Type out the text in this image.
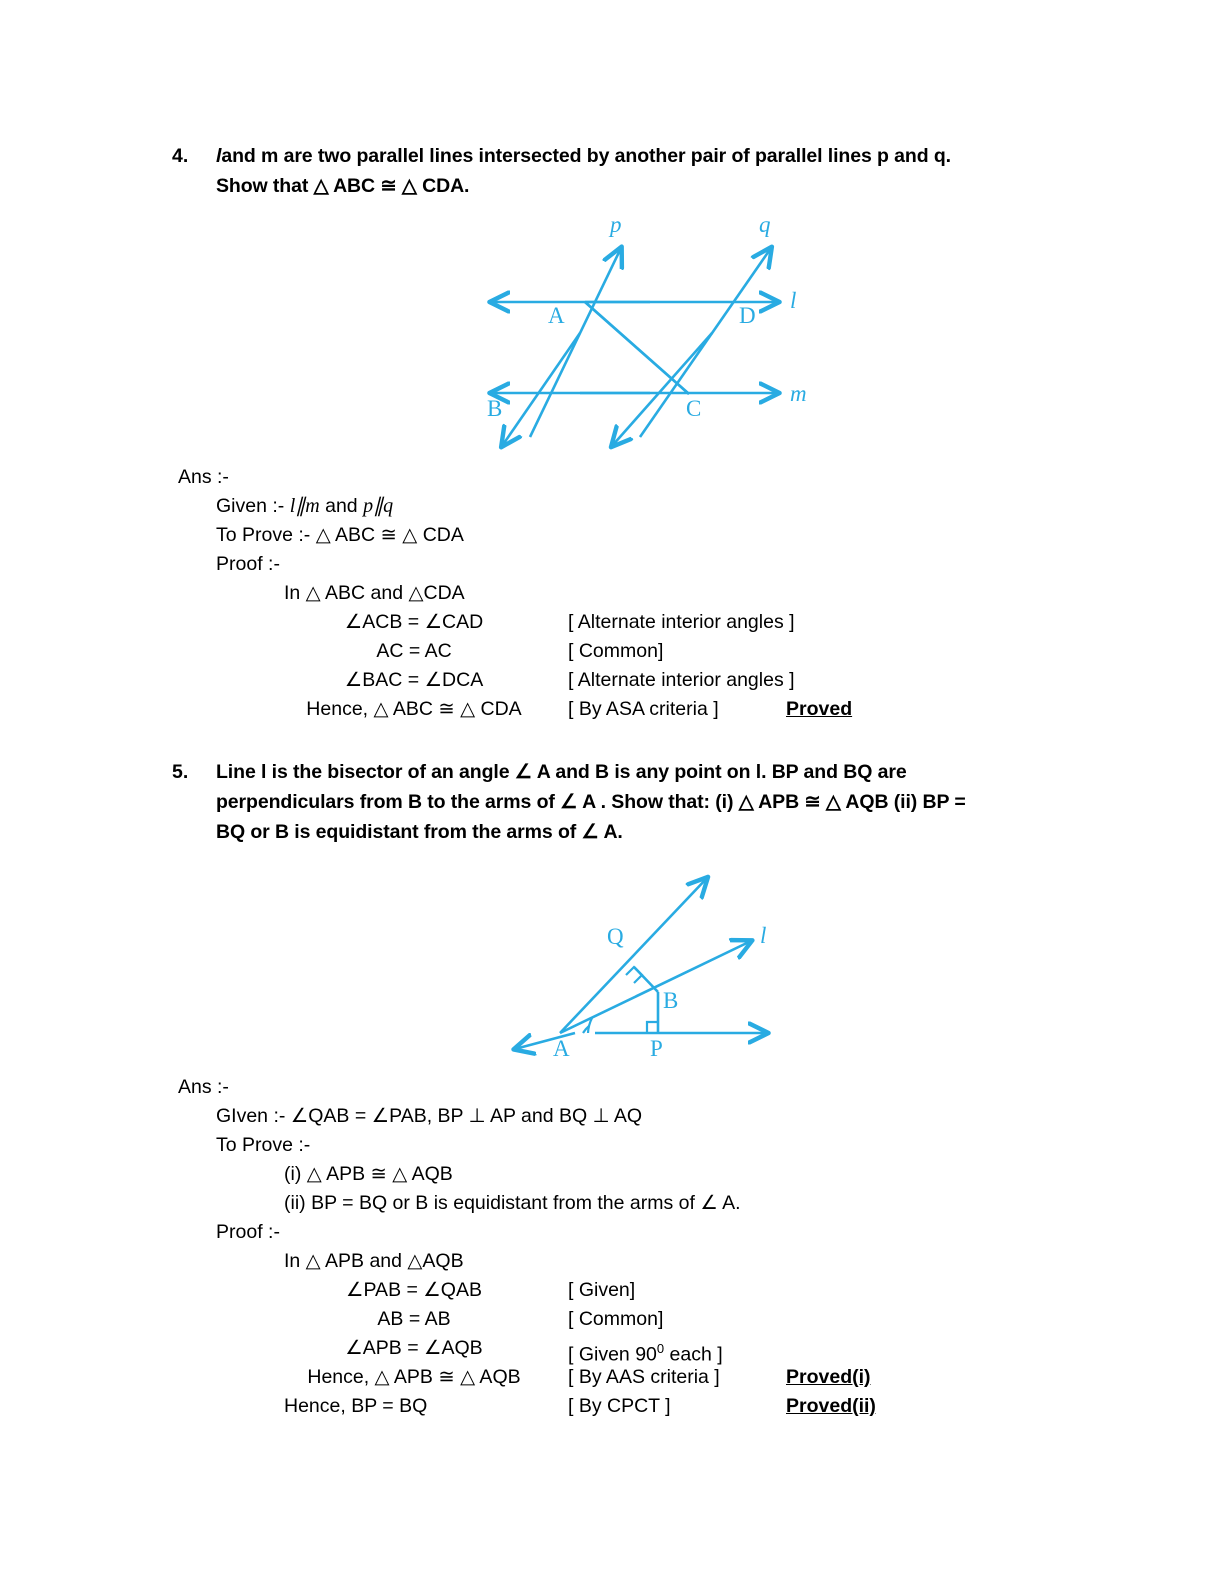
4.	land m are two parallel lines intersected by another pair of parallel lines p and q.
Show that △ ABC ≅ △ CDA.
p	q
l
m
A
B	C
D
Ans :-
Given :- l∥m and p∥q
To Prove :- △ ABC ≅ △ CDA
Proof :-
In △ ABC and △CDA
∠ACB = ∠CAD	[ Alternate interior angles ]
AC = AC	[ Common]
∠BAC = ∠DCA	[ Alternate interior angles ]
Hence, △ ABC ≅ △ CDA	[ By ASA criteria ]	Proved
5.	Line l is the bisector of an angle ∠ A and B is any point on l. BP and BQ are
perpendiculars from B to the arms of ∠ A . Show that: (i) △ APB ≅ △ AQB (ii) BP =
BQ or B is equidistant from the arms of ∠ A.
Q	l
B
A	P
Ans :-
GIven :- ∠QAB = ∠PAB, BP ⊥ AP and BQ ⊥ AQ
To Prove :-
(i) △ APB ≅ △ AQB
(ii) BP = BQ or B is equidistant from the arms of ∠ A.
Proof :-
In △ APB and △AQB
∠PAB = ∠QAB	[ Given]
AB = AB	[ Common]
∠APB = ∠AQB	[ Given $90^0$ each ]
Hence, △ APB ≅ △ AQB	[ By AAS criteria ]	Proved(i)
Hence, BP = BQ	[ By CPCT ]	Proved(ii)
